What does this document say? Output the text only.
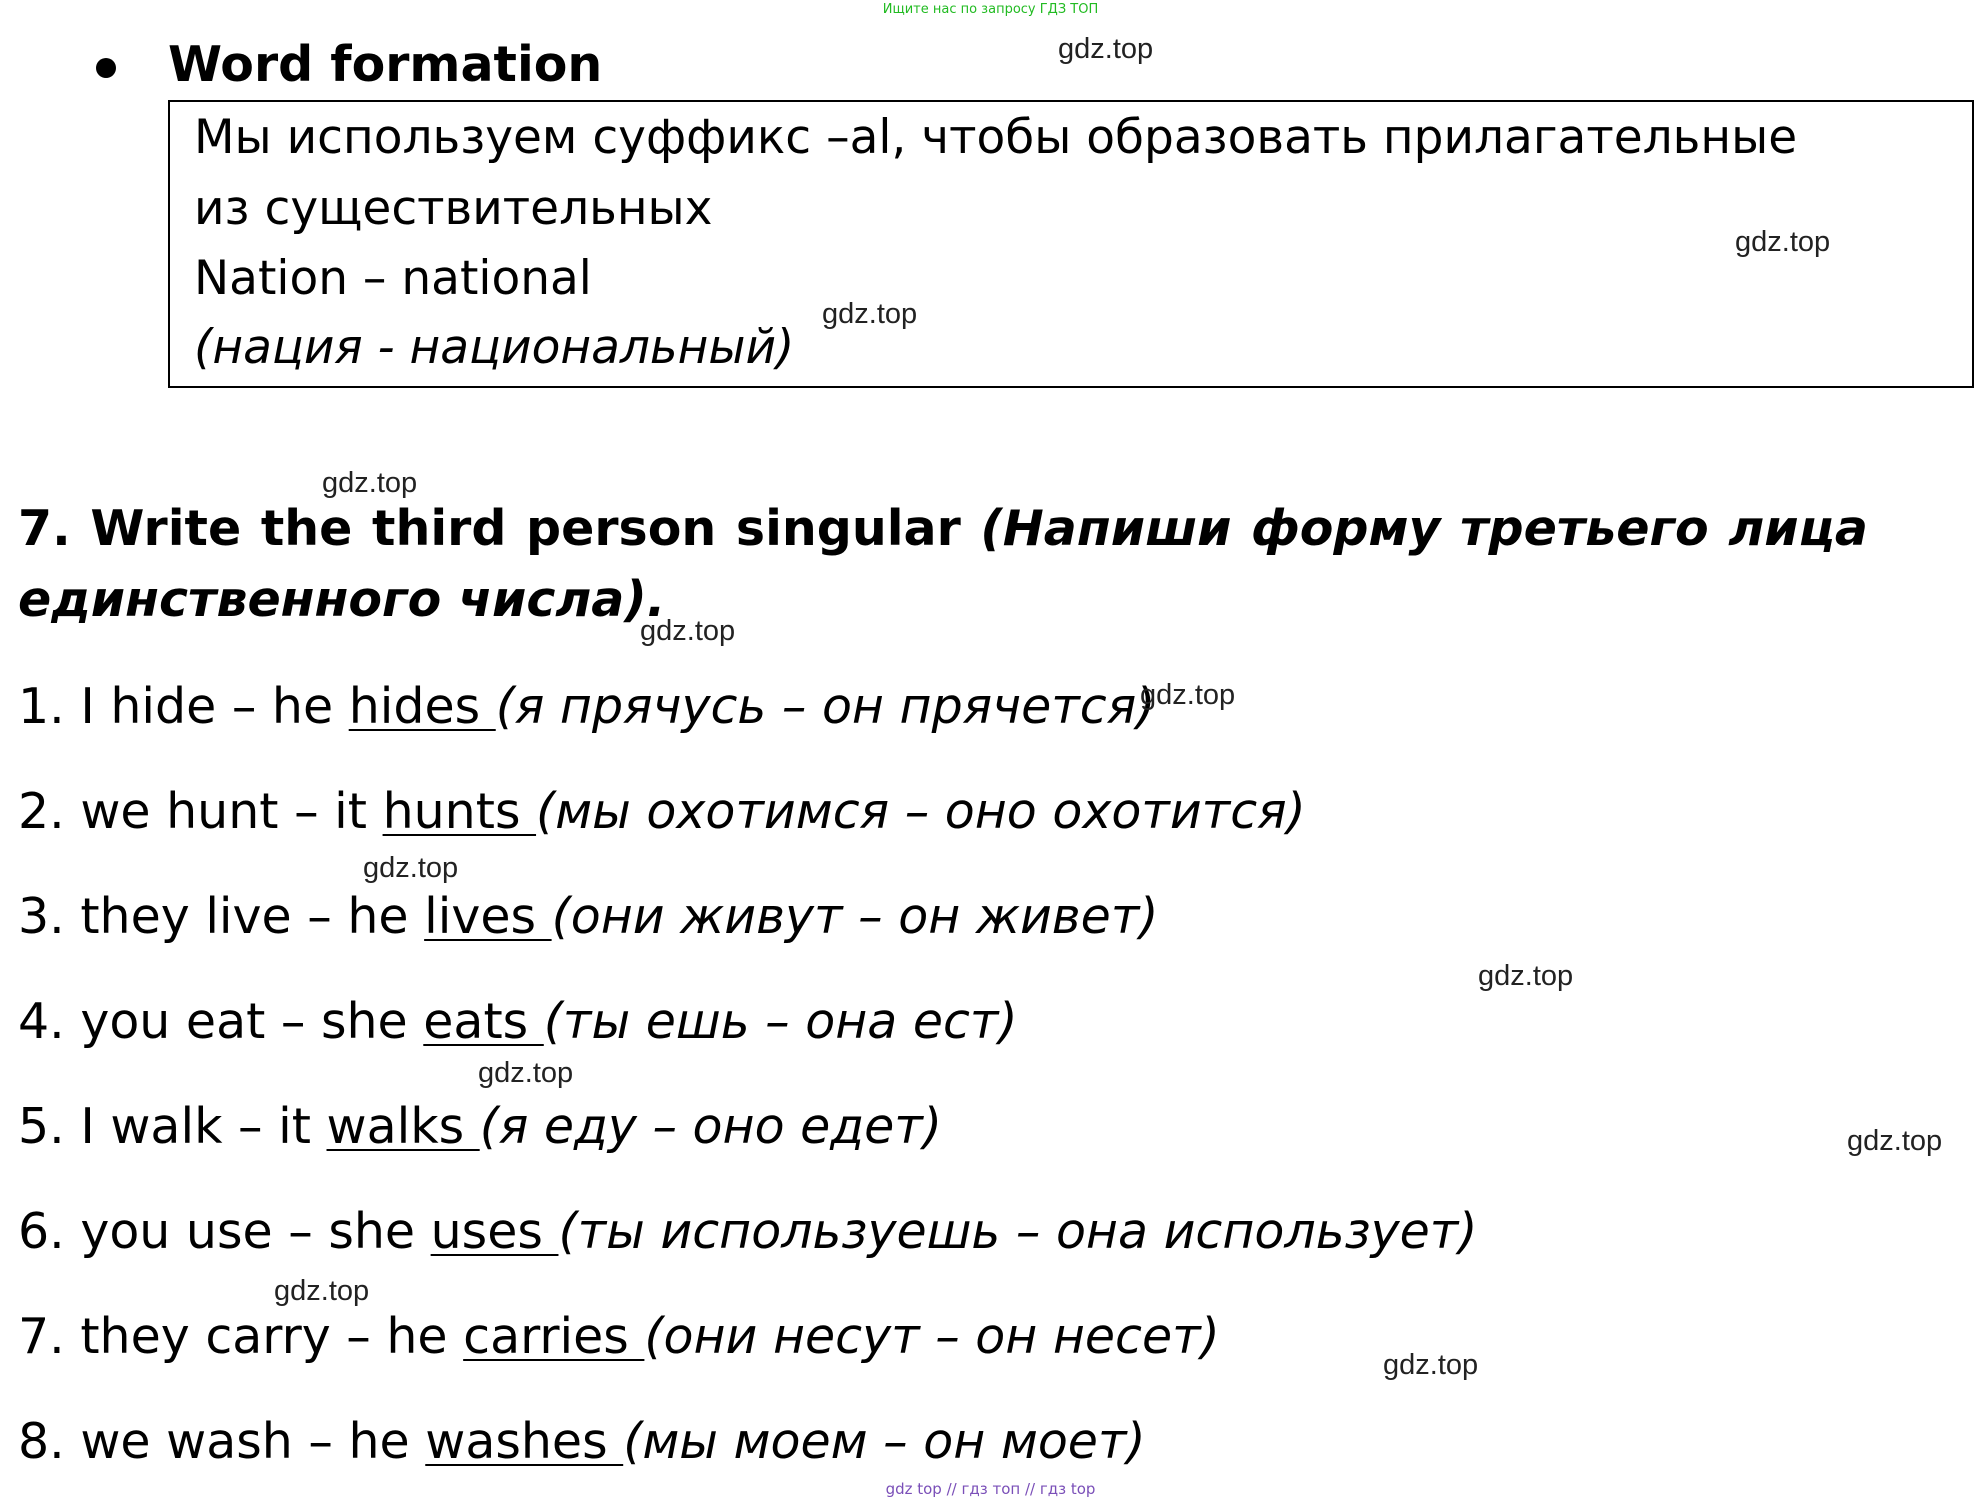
Ищите нас по запросу ГДЗ ТОП
Word formation
Мы используем суффикс –al, чтобы образовать прилагательные
из существительных
Nation – national
(нация - национальный)
7. Write the third person singular (Напиши форму третьего лица
единственного числа).
1. I hide – he hides (я прячусь – он прячется)
2. we hunt – it hunts (мы охотимся – оно охотится)
3. they live – he lives (они живут – он живет)
4. you eat – she eats (ты ешь – она ест)
5. I walk – it walks (я еду – оно едет)
6. you use – she uses (ты используешь – она использует)
7. they carry – he carries (они несут – он несет)
8. we wash – he washes (мы моем – он моет)
gdz.top
gdz.top
gdz.top
gdz.top
gdz.top
gdz.top
gdz.top
gdz.top
gdz.top
gdz.top
gdz.top
gdz.top
gdz top // гдз топ // гдз top
